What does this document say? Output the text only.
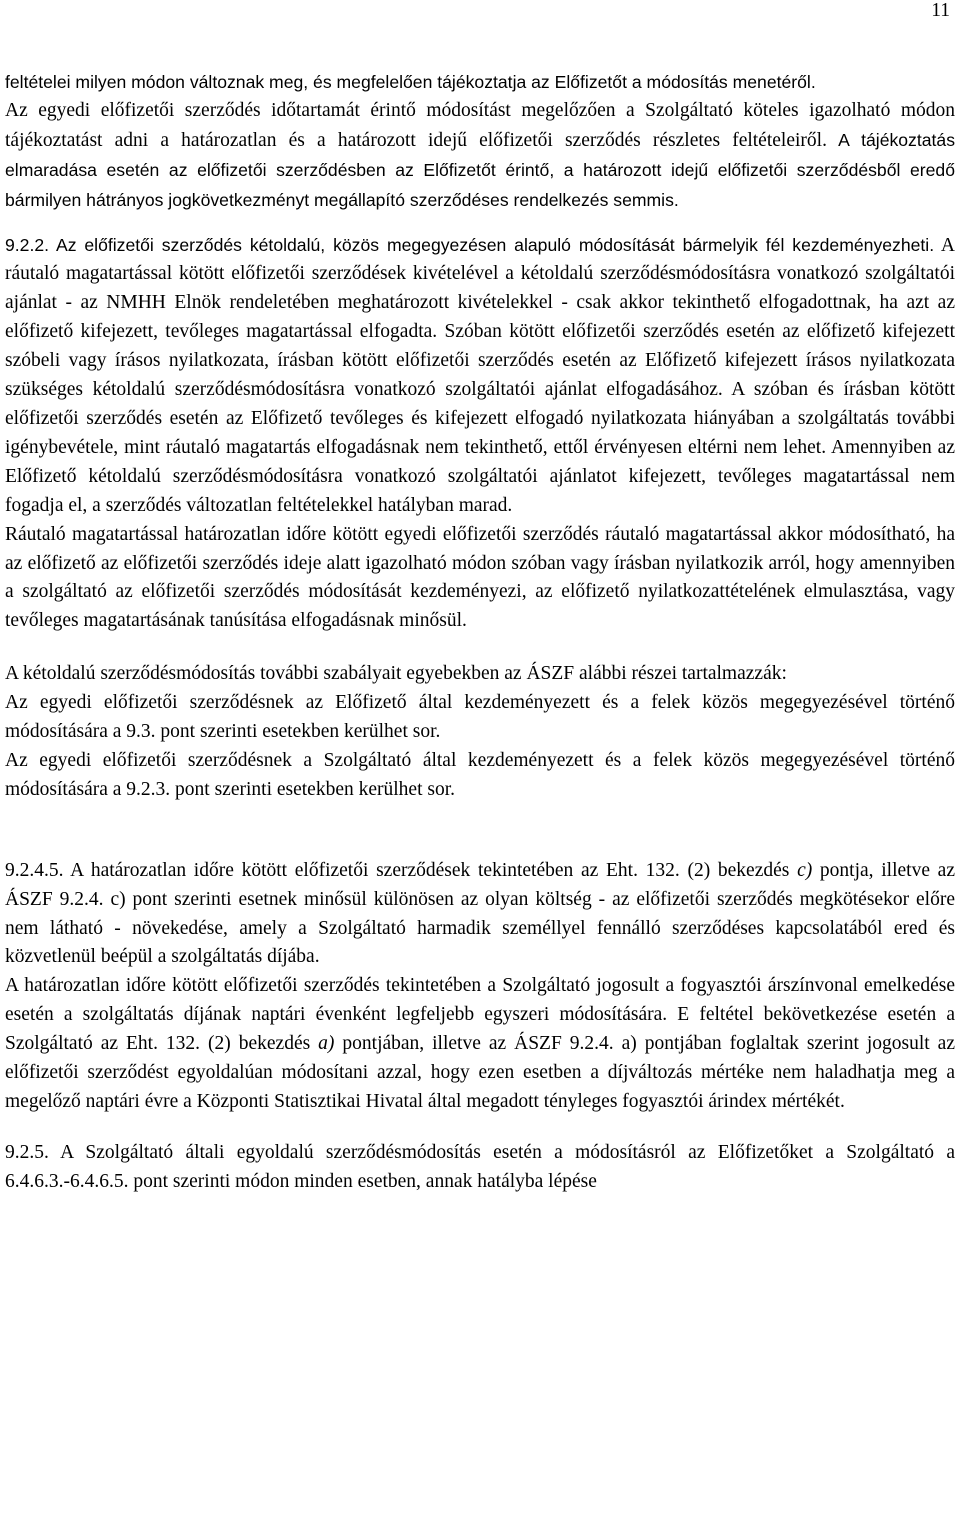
11

feltételei milyen módon változnak meg, és megfelelően tájékoztatja az Előfizetőt a módosítás menetéről.

Az egyedi előfizetői szerződés időtartamát érintő módosítást megelőzően a Szolgáltató köteles igazolható módon tájékoztatást adni a határozatlan és a határozott idejű előfizetői szerződés részletes feltételeiről. A tájékoztatás elmaradása esetén az előfizetői szerződésben az Előfizetőt érintő, a határozott idejű előfizetői szerződésből eredő bármilyen hátrányos jogkövetkezményt megállapító szerződéses rendelkezés semmis.

9.2.2. Az előfizetői szerződés kétoldalú, közös megegyezésen alapuló módosítását bármelyik fél kezdeményezheti. A ráutaló magatartással kötött előfizetői szerződések kivételével a kétoldalú szerződésmódosításra vonatkozó szolgáltatói ajánlat - az NMHH Elnök rendeletében meghatározott kivételekkel - csak akkor tekinthető elfogadottnak, ha azt az előfizető kifejezett, tevőleges magatartással elfogadta. Szóban kötött előfizetői szerződés esetén az előfizető kifejezett szóbeli vagy írásos nyilatkozata, írásban kötött előfizetői szerződés esetén az Előfizető kifejezett írásos nyilatkozata szükséges kétoldalú szerződésmódosításra vonatkozó szolgáltatói ajánlat elfogadásához. A szóban és írásban kötött előfizetői szerződés esetén az Előfizető tevőleges és kifejezett elfogadó nyilatkozata hiányában a szolgáltatás további igénybevétele, mint ráutaló magatartás elfogadásnak nem tekinthető, ettől érvényesen eltérni nem lehet. Amennyiben az Előfizető kétoldalú szerződésmódosításra vonatkozó szolgáltatói ajánlatot kifejezett, tevőleges magatartással nem fogadja el, a szerződés változatlan feltételekkel hatályban marad.

Ráutaló magatartással határozatlan időre kötött egyedi előfizetői szerződés ráutaló magatartással akkor módosítható, ha az előfizető az előfizetői szerződés ideje alatt igazolható módon szóban vagy írásban nyilatkozik arról, hogy amennyiben a szolgáltató az előfizetői szerződés módosítását kezdeményezi, az előfizető nyilatkozattételének elmulasztása, vagy tevőleges magatartásának tanúsítása elfogadásnak minősül.

A kétoldalú szerződésmódosítás további szabályait egyebekben az ÁSZF alábbi részei tartalmazzák:

Az egyedi előfizetői szerződésnek az Előfizető által kezdeményezett és a felek közös megegyezésével történő módosítására a 9.3. pont szerinti esetekben kerülhet sor.

Az egyedi előfizetői szerződésnek a Szolgáltató által kezdeményezett és a felek közös megegyezésével történő módosítására a 9.2.3. pont szerinti esetekben kerülhet sor.

9.2.4.5. A határozatlan időre kötött előfizetői szerződések tekintetében az Eht. 132. (2) bekezdés c) pontja, illetve az ÁSZF 9.2.4. c) pont szerinti esetnek minősül különösen az olyan költség - az előfizetői szerződés megkötésekor előre nem látható - növekedése, amely a Szolgáltató harmadik személlyel fennálló szerződéses kapcsolatából ered és közvetlenül beépül a szolgáltatás díjába.

A határozatlan időre kötött előfizetői szerződés tekintetében a Szolgáltató jogosult a fogyasztói árszínvonal emelkedése esetén a szolgáltatás díjának naptári évenként legfeljebb egyszeri módosítására. E feltétel bekövetkezése esetén a Szolgáltató az Eht. 132. (2) bekezdés a) pontjában, illetve az ÁSZF 9.2.4. a) pontjában foglaltak szerint jogosult az előfizetői szerződést egyoldalúan módosítani azzal, hogy ezen esetben a díjváltozás mértéke nem haladhatja meg a megelőző naptári évre a Központi Statisztikai Hivatal által megadott tényleges fogyasztói árindex mértékét.

9.2.5. A Szolgáltató általi egyoldalú szerződésmódosítás esetén a módosításról az Előfizetőket a Szolgáltató a 6.4.6.3.-6.4.6.5. pont szerinti módon minden esetben, annak hatályba lépése
